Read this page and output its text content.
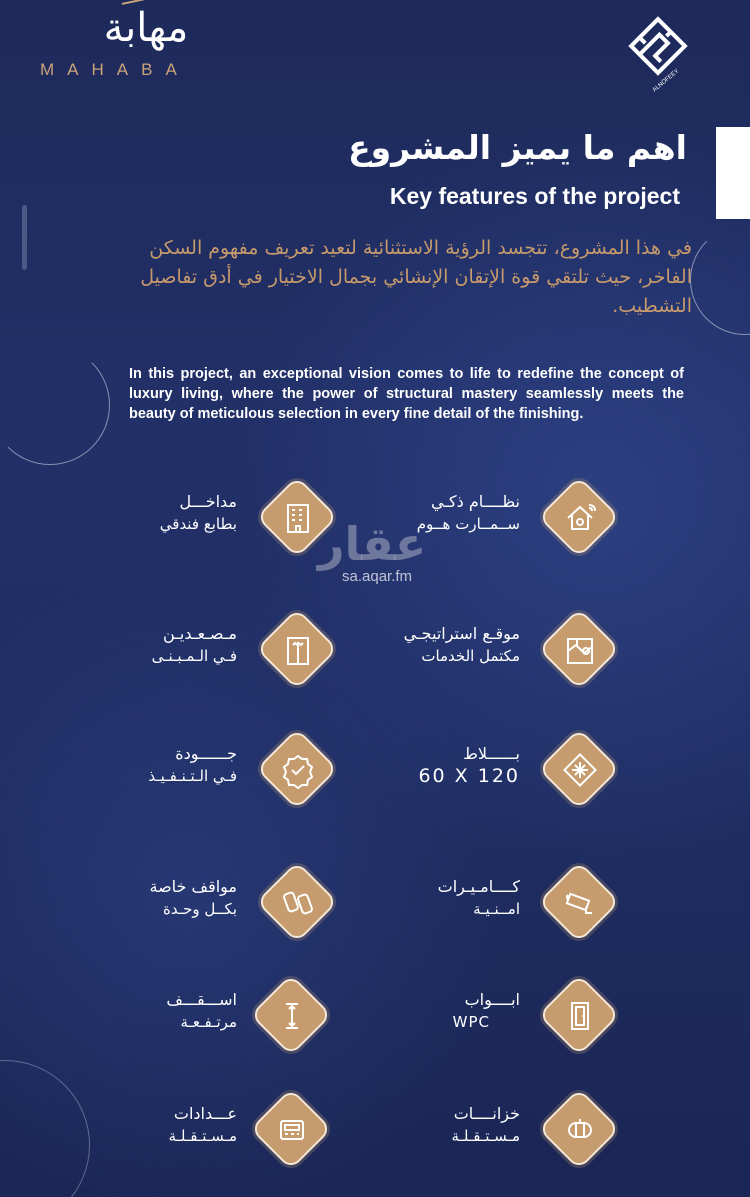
مهابة
MAHABA	ALNOFEEY
اهم ما يميز المشروع
Key features of the project
في هذا المشروع، تتجسد الرؤية الاستثنائية لتعيد تعريف مفهوم السكن الفاخر، حيث تلتقي قوة الإتقان الإنشائي بجمال الاختيار في أدق تفاصيل التشطيب.
In this project, an exceptional vision comes to life to redefine the concept of luxury living, where the power of structural mastery seamlessly meets the beauty of meticulous selection in every fine detail of the finishing.
مداخـــل
بطابع فندقي
نظــــام ذكـي
ســمــارت هــوم
مـصـعـديـن
فـي الـمـبـنـى
موقـع استراتيجـي
مكتمل الخدمات
جــــــودة
فـي الـتـنـفـيـذ
بــــــلاط
60 X 120
مواقف خاصة
بكــل وحـدة
كــــامـيـرات
امــنـيـة
اســـقـــف
مرتـفـعـة
ابــــواب
WPC
عـــدادات
مـسـتـقـلـة
خزانــــات
مـسـتـقـلـة
عقار
sa.aqar.fm
